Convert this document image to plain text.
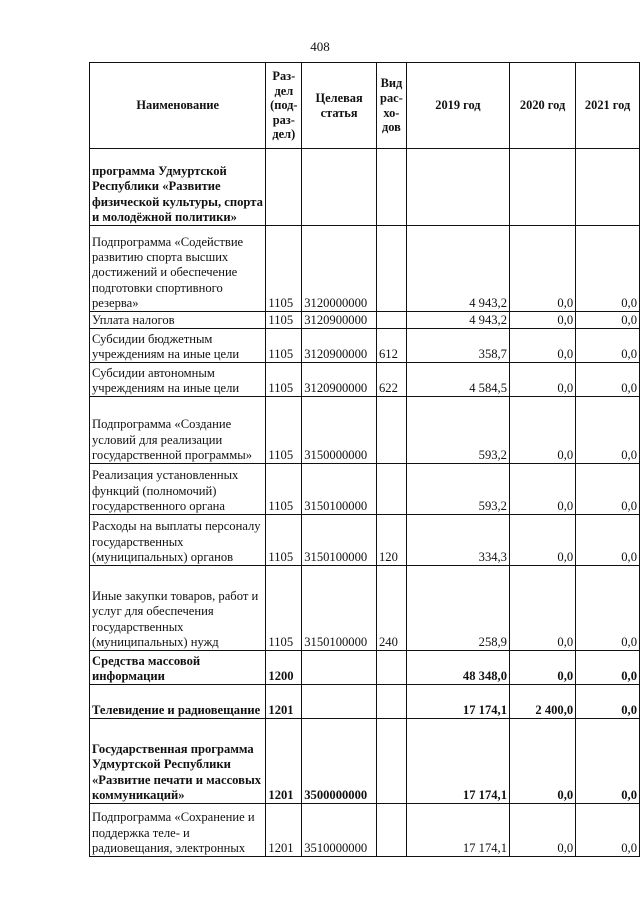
408
Наименование	Раз-
дел
(под-
раз-
дел)	Целевая
статья	Вид
рас-
хо-
дов	2019 год	2020 год	2021 год
программа Удмуртской Республики «Развитие физической культуры, спорта и молодёжной политики»						
Подпрограмма «Содействие развитию спорта высших достижений и обеспечение подготовки спортивного резерва»	1105	3120000000		4 943,2	0,0	0,0
Уплата налогов	1105	3120900000		4 943,2	0,0	0,0
Субсидии бюджетным учреждениям на иные цели	1105	3120900000	612	358,7	0,0	0,0
Субсидии автономным учреждениям на иные цели	1105	3120900000	622	4 584,5	0,0	0,0
Подпрограмма «Создание условий для реализации государственной программы»	1105	3150000000		593,2	0,0	0,0
Реализация установленных функций (полномочий) государственного органа	1105	3150100000		593,2	0,0	0,0
Расходы на выплаты персоналу государственных (муниципальных) органов	1105	3150100000	120	334,3	0,0	0,0
Иные закупки товаров, работ и услуг для обеспечения государственных (муниципальных) нужд	1105	3150100000	240	258,9	0,0	0,0
Средства массовой информации	1200			48 348,0	0,0	0,0
Телевидение и радиовещание	1201			17 174,1	2 400,0	0,0
Государственная программа Удмуртской Республики «Развитие печати и массовых коммуникаций»	1201	3500000000		17 174,1	0,0	0,0
Подпрограмма «Сохранение и поддержка теле- и радиовещания, электронных	1201	3510000000		17 174,1	0,0	0,0
